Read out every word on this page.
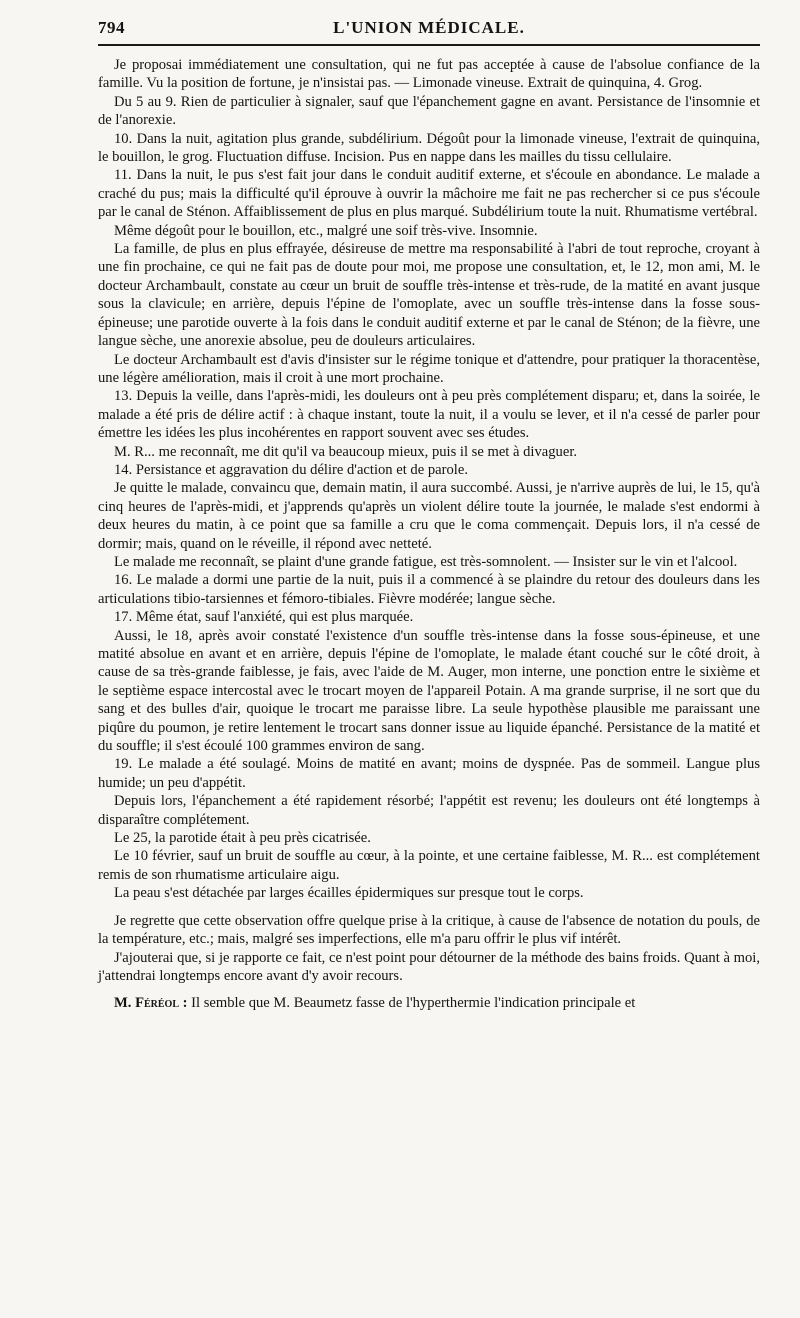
794	L'UNION MÉDICALE.

Je proposai immédiatement une consultation, qui ne fut pas acceptée à cause de l'absolue confiance de la famille. Vu la position de fortune, je n'insistai pas. — Limonade vineuse. Extrait de quinquina, 4. Grog.

Du 5 au 9. Rien de particulier à signaler, sauf que l'épanchement gagne en avant. Persistance de l'insomnie et de l'anorexie.

10. Dans la nuit, agitation plus grande, subdélirium. Dégoût pour la limonade vineuse, l'extrait de quinquina, le bouillon, le grog. Fluctuation diffuse. Incision. Pus en nappe dans les mailles du tissu cellulaire.

11. Dans la nuit, le pus s'est fait jour dans le conduit auditif externe, et s'écoule en abondance. Le malade a craché du pus; mais la difficulté qu'il éprouve à ouvrir la mâchoire me fait ne pas rechercher si ce pus s'écoule par le canal de Sténon. Affaiblissement de plus en plus marqué. Subdélirium toute la nuit. Rhumatisme vertébral.

Même dégoût pour le bouillon, etc., malgré une soif très-vive. Insomnie.

La famille, de plus en plus effrayée, désireuse de mettre ma responsabilité à l'abri de tout reproche, croyant à une fin prochaine, ce qui ne fait pas de doute pour moi, me propose une consultation, et, le 12, mon ami, M. le docteur Archambault, constate au cœur un bruit de souffle très-intense et très-rude, de la matité en avant jusque sous la clavicule; en arrière, depuis l'épine de l'omoplate, avec un souffle très-intense dans la fosse sous-épineuse; une parotide ouverte à la fois dans le conduit auditif externe et par le canal de Sténon; de la fièvre, une langue sèche, une anorexie absolue, peu de douleurs articulaires.

Le docteur Archambault est d'avis d'insister sur le régime tonique et d'attendre, pour pratiquer la thoracentèse, une légère amélioration, mais il croit à une mort prochaine.

13. Depuis la veille, dans l'après-midi, les douleurs ont à peu près complétement disparu; et, dans la soirée, le malade a été pris de délire actif : à chaque instant, toute la nuit, il a voulu se lever, et il n'a cessé de parler pour émettre les idées les plus incohérentes en rapport souvent avec ses études.

M. R... me reconnaît, me dit qu'il va beaucoup mieux, puis il se met à divaguer.

14. Persistance et aggravation du délire d'action et de parole.

Je quitte le malade, convaincu que, demain matin, il aura succombé. Aussi, je n'arrive auprès de lui, le 15, qu'à cinq heures de l'après-midi, et j'apprends qu'après un violent délire toute la journée, le malade s'est endormi à deux heures du matin, à ce point que sa famille a cru que le coma commençait. Depuis lors, il n'a cessé de dormir; mais, quand on le réveille, il répond avec netteté.

Le malade me reconnaît, se plaint d'une grande fatigue, est très-somnolent. — Insister sur le vin et l'alcool.

16. Le malade a dormi une partie de la nuit, puis il a commencé à se plaindre du retour des douleurs dans les articulations tibio-tarsiennes et fémoro-tibiales. Fièvre modérée; langue sèche.

17. Même état, sauf l'anxiété, qui est plus marquée.

Aussi, le 18, après avoir constaté l'existence d'un souffle très-intense dans la fosse sous-épineuse, et une matité absolue en avant et en arrière, depuis l'épine de l'omoplate, le malade étant couché sur le côté droit, à cause de sa très-grande faiblesse, je fais, avec l'aide de M. Auger, mon interne, une ponction entre le sixième et le septième espace intercostal avec le trocart moyen de l'appareil Potain. A ma grande surprise, il ne sort que du sang et des bulles d'air, quoique le trocart me paraisse libre. La seule hypothèse plausible me paraissant une piqûre du poumon, je retire lentement le trocart sans donner issue au liquide épanché. Persistance de la matité et du souffle; il s'est écoulé 100 grammes environ de sang.

19. Le malade a été soulagé. Moins de matité en avant; moins de dyspnée. Pas de sommeil. Langue plus humide; un peu d'appétit.

Depuis lors, l'épanchement a été rapidement résorbé; l'appétit est revenu; les douleurs ont été longtemps à disparaître complétement.

Le 25, la parotide était à peu près cicatrisée.

Le 10 février, sauf un bruit de souffle au cœur, à la pointe, et une certaine faiblesse, M. R... est complétement remis de son rhumatisme articulaire aigu.

La peau s'est détachée par larges écailles épidermiques sur presque tout le corps.

Je regrette que cette observation offre quelque prise à la critique, à cause de l'absence de notation du pouls, de la température, etc.; mais, malgré ses imperfections, elle m'a paru offrir le plus vif intérêt.

J'ajouterai que, si je rapporte ce fait, ce n'est point pour détourner de la méthode des bains froids. Quant à moi, j'attendrai longtemps encore avant d'y avoir recours.

M. Féréol : Il semble que M. Beaumetz fasse de l'hyperthermie l'indication principale et
